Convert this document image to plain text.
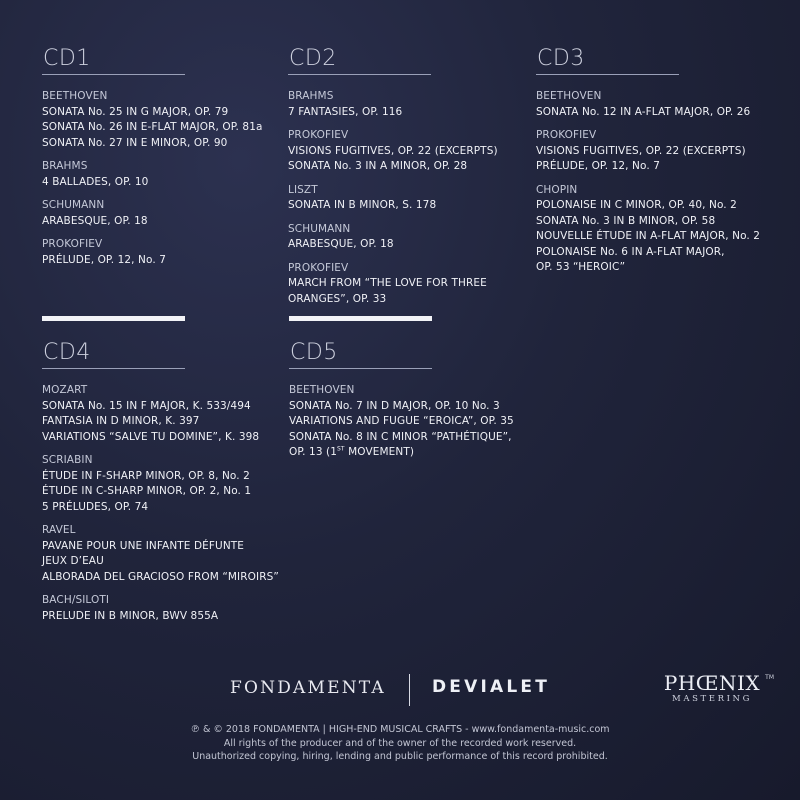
CD1
BEETHOVEN
SONATA No. 25 IN G MAJOR, OP. 79
SONATA No. 26 IN E-FLAT MAJOR, OP. 81a
SONATA No. 27 IN E MINOR, OP. 90
BRAHMS
4 BALLADES, OP. 10
SCHUMANN
ARABESQUE, OP. 18
PROKOFIEV
PRÉLUDE, OP. 12, No. 7
CD2
BRAHMS
7 FANTASIES, OP. 116
PROKOFIEV
VISIONS FUGITIVES, OP. 22 (EXCERPTS)
SONATA No. 3 IN A MINOR, OP. 28
LISZT
SONATA IN B MINOR, S. 178
SCHUMANN
ARABESQUE, OP. 18
PROKOFIEV
MARCH FROM “THE LOVE FOR THREE
ORANGES”, OP. 33
CD3
BEETHOVEN
SONATA No. 12 IN A-FLAT MAJOR, OP. 26
PROKOFIEV
VISIONS FUGITIVES, OP. 22 (EXCERPTS)
PRÉLUDE, OP. 12, No. 7
CHOPIN
POLONAISE IN C MINOR, OP. 40, No. 2
SONATA No. 3 IN B MINOR, OP. 58
NOUVELLE ÉTUDE IN A-FLAT MAJOR, No. 2
POLONAISE No. 6 IN A-FLAT MAJOR,
OP. 53 “HEROIC”
CD4
MOZART
SONATA No. 15 IN F MAJOR, K. 533/494
FANTASIA IN D MINOR, K. 397
VARIATIONS “SALVE TU DOMINE”, K. 398
SCRIABIN
ÉTUDE IN F-SHARP MINOR, OP. 8, No. 2
ÉTUDE IN C-SHARP MINOR, OP. 2, No. 1
5 PRÉLUDES, OP. 74
RAVEL
PAVANE POUR UNE INFANTE DÉFUNTE
JEUX D’EAU
ALBORADA DEL GRACIOSO FROM “MIROIRS”
BACH/SILOTI
PRELUDE IN B MINOR, BWV 855A
CD5
BEETHOVEN
SONATA No. 7 IN D MAJOR, OP. 10 No. 3
VARIATIONS AND FUGUE “EROICA”, OP. 35
SONATA No. 8 IN C MINOR “PATHÉTIQUE”,
OP. 13 (1ST MOVEMENT)
FONDAMENTA	DEVIALET	PHŒNIX TM
MASTERING
℗ & © 2018 FONDAMENTA | HIGH-END MUSICAL CRAFTS - www.fondamenta-music.com
All rights of the producer and of the owner of the recorded work reserved.
Unauthorized copying, hiring, lending and public performance of this record prohibited.
